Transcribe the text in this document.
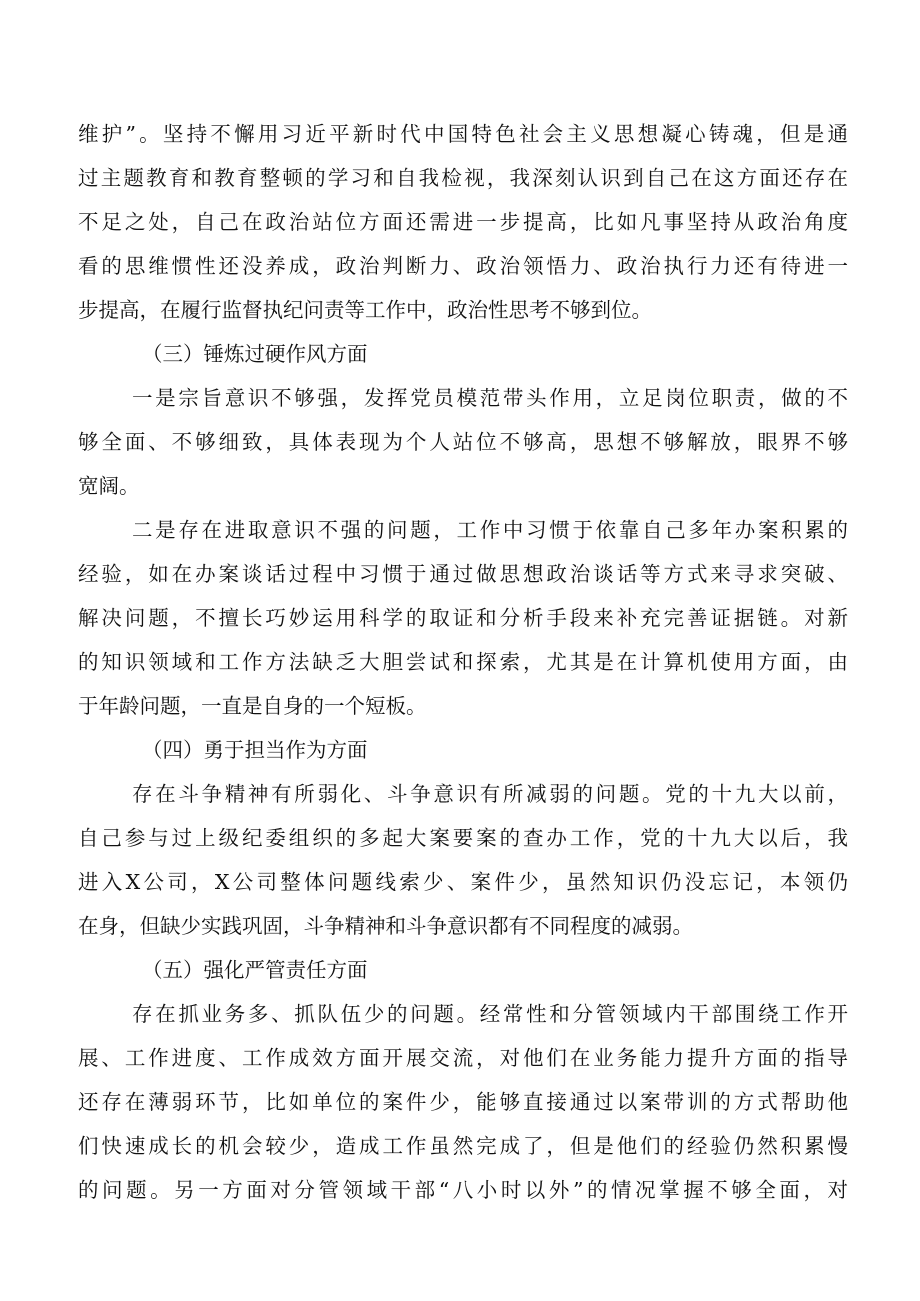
维护”。坚持不懈用习近平新时代中国特色社会主义思想凝心铸魂，但是通
过主题教育和教育整顿的学习和自我检视，我深刻认识到自己在这方面还存在
不足之处，自己在政治站位方面还需进一步提高，比如凡事坚持从政治角度
看的思维惯性还没养成，政治判断力、政治领悟力、政治执行力还有待进一
步提高，在履行监督执纪问责等工作中，政治性思考不够到位。
（三）锤炼过硬作风方面
一是宗旨意识不够强，发挥党员模范带头作用，立足岗位职责，做的不
够全面、不够细致，具体表现为个人站位不够高，思想不够解放，眼界不够
宽阔。
二是存在进取意识不强的问题，工作中习惯于依靠自己多年办案积累的
经验，如在办案谈话过程中习惯于通过做思想政治谈话等方式来寻求突破、
解决问题，不擅长巧妙运用科学的取证和分析手段来补充完善证据链。对新
的知识领域和工作方法缺乏大胆尝试和探索，尤其是在计算机使用方面，由
于年龄问题，一直是自身的一个短板。
（四）勇于担当作为方面
存在斗争精神有所弱化、斗争意识有所减弱的问题。党的十九大以前，
自己参与过上级纪委组织的多起大案要案的查办工作，党的十九大以后，我
进入X公司，X公司整体问题线索少、案件少，虽然知识仍没忘记，本领仍
在身，但缺少实践巩固，斗争精神和斗争意识都有不同程度的减弱。
（五）强化严管责任方面
存在抓业务多、抓队伍少的问题。经常性和分管领域内干部围绕工作开
展、工作进度、工作成效方面开展交流，对他们在业务能力提升方面的指导
还存在薄弱环节，比如单位的案件少，能够直接通过以案带训的方式帮助他
们快速成长的机会较少，造成工作虽然完成了，但是他们的经验仍然积累慢
的问题。另一方面对分管领域干部“八小时以外”的情况掌握不够全面，对
